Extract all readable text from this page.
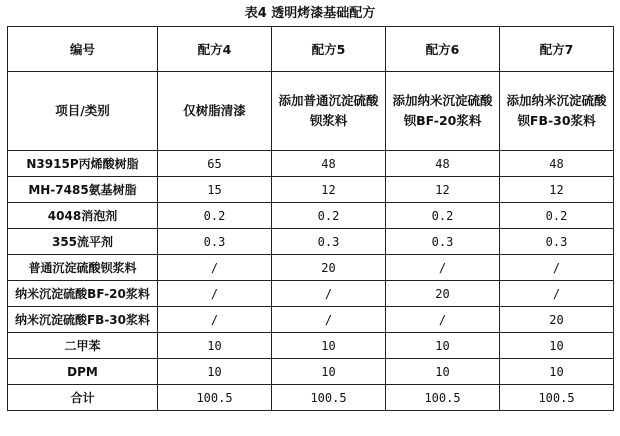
表4 透明烤漆基础配方
编号	配方4	配方5	配方6	配方7
项目/类别	仅树脂清漆	添加普通沉淀硫酸钡浆料	添加纳米沉淀硫酸钡BF-20浆料	添加纳米沉淀硫酸钡FB-30浆料
N3915P丙烯酸树脂	65	48	48	48
MH-7485氨基树脂	15	12	12	12
4048消泡剂	0.2	0.2	0.2	0.2
355流平剂	0.3	0.3	0.3	0.3
普通沉淀硫酸钡浆料	/	20	/	/
纳米沉淀硫酸BF-20浆料	/	/	20	/
纳米沉淀硫酸FB-30浆料	/	/	/	20
二甲苯	10	10	10	10
DPM	10	10	10	10
合计	100.5	100.5	100.5	100.5
